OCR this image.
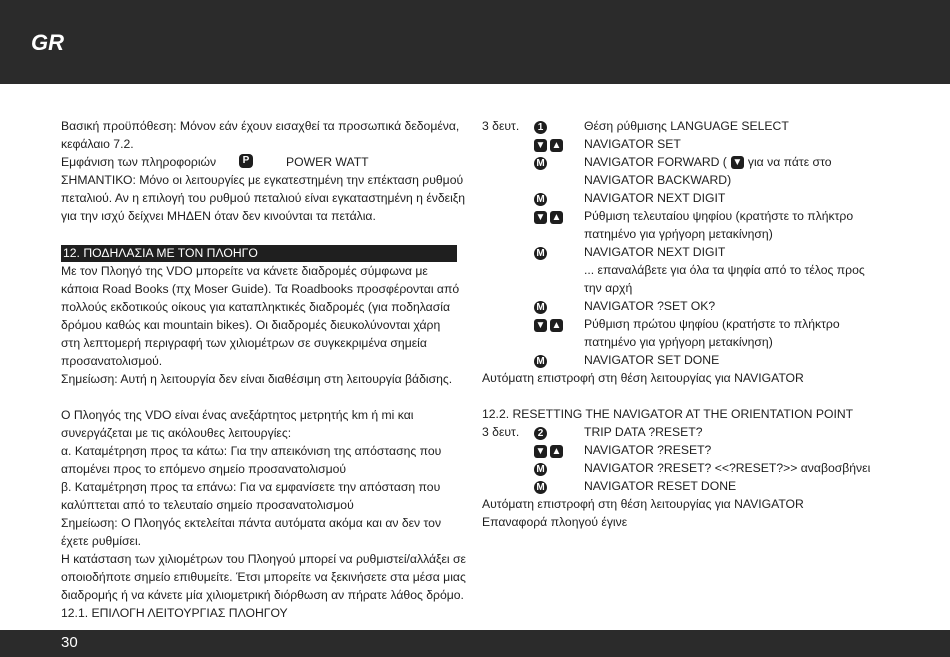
GR
Βασική προϋπόθεση: Μόνον εάν έχουν εισαχθεί τα προσωπικά δεδομένα,
κεφάλαιο 7.2.
Εμφάνιση των πληροφοριών	P	POWER WATT
ΣΗΜΑΝΤΙΚΟ: Μόνο οι λειτουργίες με εγκατεστημένη την επέκταση ρυθμού
πεταλιού. Αν η επιλογή του ρυθμού πεταλιού είναι εγκαταστημένη η ένδειξη
για την ισχύ δείχνει ΜΗΔΕΝ όταν δεν κινούνται τα πετάλια.
12. ΠΟΔΗΛΑΣΙΑ ΜΕ ΤΟΝ ΠΛΟΗΓΟ
Με τον Πλοηγό της VDO μπορείτε να κάνετε διαδρομές σύμφωνα με
κάποια Road Books (πχ Moser Guide). Τα Roadbooks προσφέρονται από
πολλούς εκδοτικούς οίκους για καταπληκτικές διαδρομές (για ποδηλασία
δρόμου καθώς και mountain bikes). Οι διαδρομές διευκολύνονται χάρη
στη λεπτομερή περιγραφή των χιλιομέτρων σε συγκεκριμένα σημεία
προσανατολισμού.
Σημείωση: Αυτή η λειτουργία δεν είναι διαθέσιμη στη λειτουργία βάδισης.
Ο Πλοηγός της VDO είναι ένας ανεξάρτητος μετρητής km ή mi και
συνεργάζεται με τις ακόλουθες λειτουργίες:
α. Καταμέτρηση προς τα κάτω: Για την απεικόνιση της απόστασης που
απομένει προς το επόμενο σημείο προσανατολισμού
β. Καταμέτρηση προς τα επάνω: Για να εμφανίσετε την απόσταση που
καλύπτεται από το τελευταίο σημείο προσανατολισμού
Σημείωση: Ο Πλοηγός εκτελείται πάντα αυτόματα ακόμα και αν δεν τον
έχετε ρυθμίσει.
Η κατάσταση των χιλιομέτρων του Πλοηγού μπορεί να ρυθμιστεί/αλλάξει σε
οποιοδήποτε σημείο επιθυμείτε. Έτσι μπορείτε να ξεκινήσετε στα μέσα μιας
διαδρομής ή να κάνετε μία χιλιομετρική διόρθωση αν πήρατε λάθος δρόμο.
12.1. ΕΠΙΛΟΓΗ ΛΕΙΤΟΥΡΓΙΑΣ ΠΛΟΗΓΟΥ
3 δευτ.	1	Θέση ρύθμισης LANGUAGE SELECT
▼ ▲	NAVIGATOR SET
M	NAVIGATOR FORWARD ( ▼ για να πάτε στο
NAVIGATOR BACKWARD)
M	NAVIGATOR NEXT DIGIT
▼ ▲	Ρύθμιση τελευταίου ψηφίου (κρατήστε το πλήκτρο
πατημένο για γρήγορη μετακίνηση)
M	NAVIGATOR NEXT DIGIT
... επαναλάβετε για όλα τα ψηφία από το τέλος προς
την αρχή
M	NAVIGATOR ?SET OK?
▼ ▲	Ρύθμιση πρώτου ψηφίου (κρατήστε το πλήκτρο
πατημένο για γρήγορη μετακίνηση)
M	NAVIGATOR SET DONE
Αυτόματη επιστροφή στη θέση λειτουργίας για NAVIGATOR
12.2. RESETTING THE NAVIGATOR AT THE ORIENTATION POINT
3 δευτ.	2	TRIP DATA ?RESET?
▼ ▲	NAVIGATOR ?RESET?
M	NAVIGATOR ?RESET? <<?RESET?>> αναβοσβήνει
M	NAVIGATOR RESET DONE
Αυτόματη επιστροφή στη θέση λειτουργίας για NAVIGATOR
Επαναφορά πλοηγού έγινε
30
